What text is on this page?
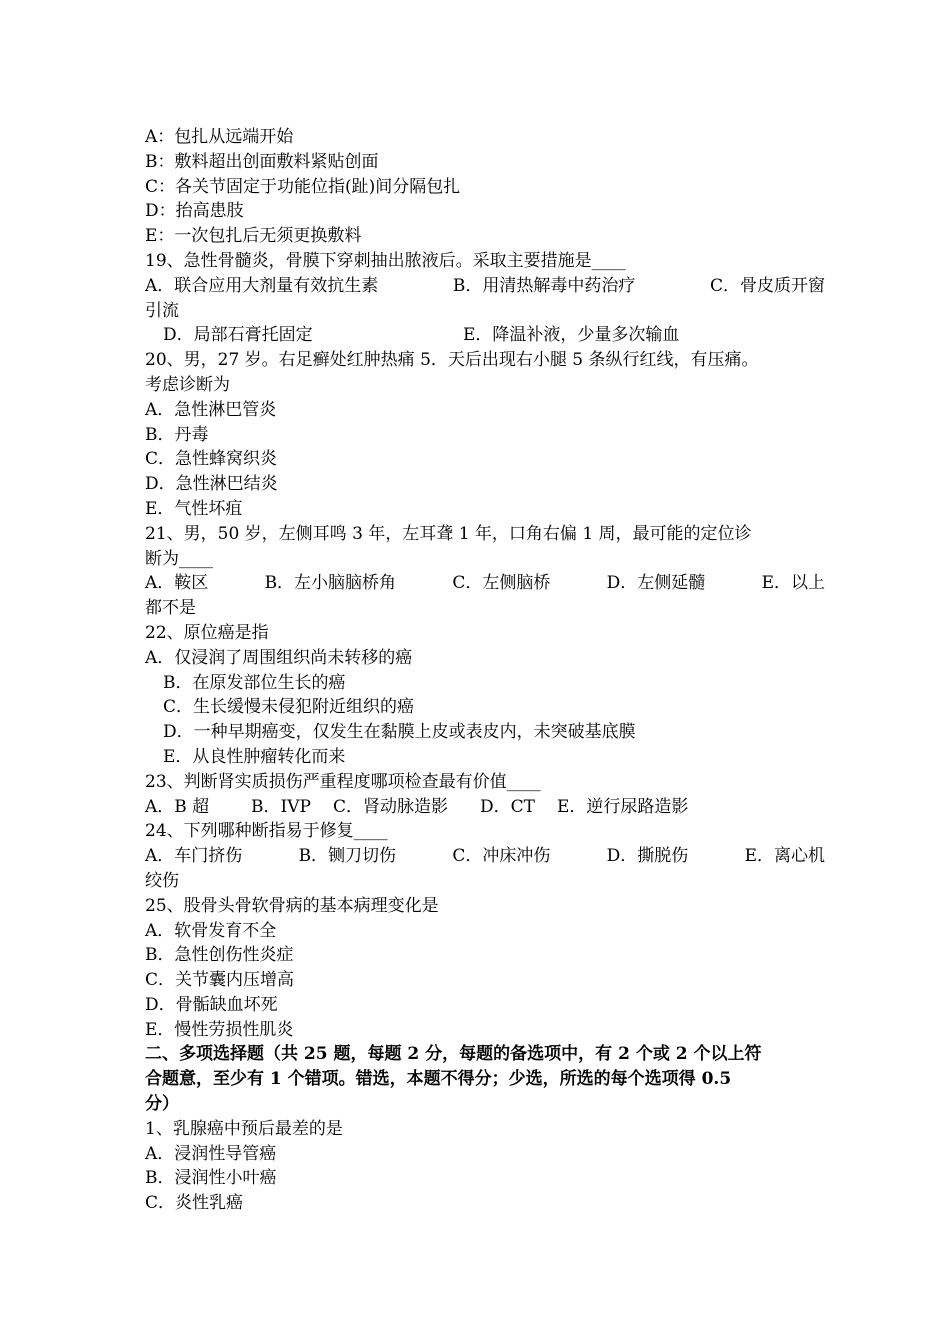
A：包扎从远端开始
B：敷料超出创面敷料紧贴创面
C：各关节固定于功能位指(趾)间分隔包扎
D：抬高患肢
E：一次包扎后无须更换敷料
19、急性骨髓炎，骨膜下穿刺抽出脓液后。采取主要措施是____
A．联合应用大剂量有效抗生素	B．用清热解毒中药治疗	C．骨皮质开窗
引流
D．局部石膏托固定	E．降温补液，少量多次输血
20、男，27 岁。右足癣处红肿热痛 5．天后出现右小腿 5 条纵行红线，有压痛。
考虑诊断为
A．急性淋巴管炎
B．丹毒
C．急性蜂窝织炎
D．急性淋巴结炎
E．气性坏疽
21、男，50 岁，左侧耳鸣 3 年，左耳聋 1 年，口角右偏 1 周，最可能的定位诊
断为____
A．鞍区	B．左小脑脑桥角	C．左侧脑桥	D．左侧延髓	E．以上
都不是
22、原位癌是指
A．仅浸润了周围组织尚未转移的癌
B．在原发部位生长的癌
C．生长缓慢未侵犯附近组织的癌
D．一种早期癌变，仅发生在黏膜上皮或表皮内，未突破基底膜
E．从良性肿瘤转化而来
23、判断肾实质损伤严重程度哪项检查最有价值____
A．B 超	B．IVP	C．肾动脉造影	D．CT	E．逆行尿路造影
24、下列哪种断指易于修复____
A．车门挤伤	B．铡刀切伤	C．冲床冲伤	D．撕脱伤	E．离心机
绞伤
25、股骨头骨软骨病的基本病理变化是
A．软骨发育不全
B．急性创伤性炎症
C．关节囊内压增高
D．骨骺缺血坏死
E．慢性劳损性肌炎
二、多项选择题（共 25 题，每题 2 分，每题的备选项中，有 2 个或 2 个以上符
合题意，至少有 1 个错项。错选，本题不得分；少选，所选的每个选项得 0.5
分）
1、乳腺癌中预后最差的是
A．浸润性导管癌
B．浸润性小叶癌
C．炎性乳癌
